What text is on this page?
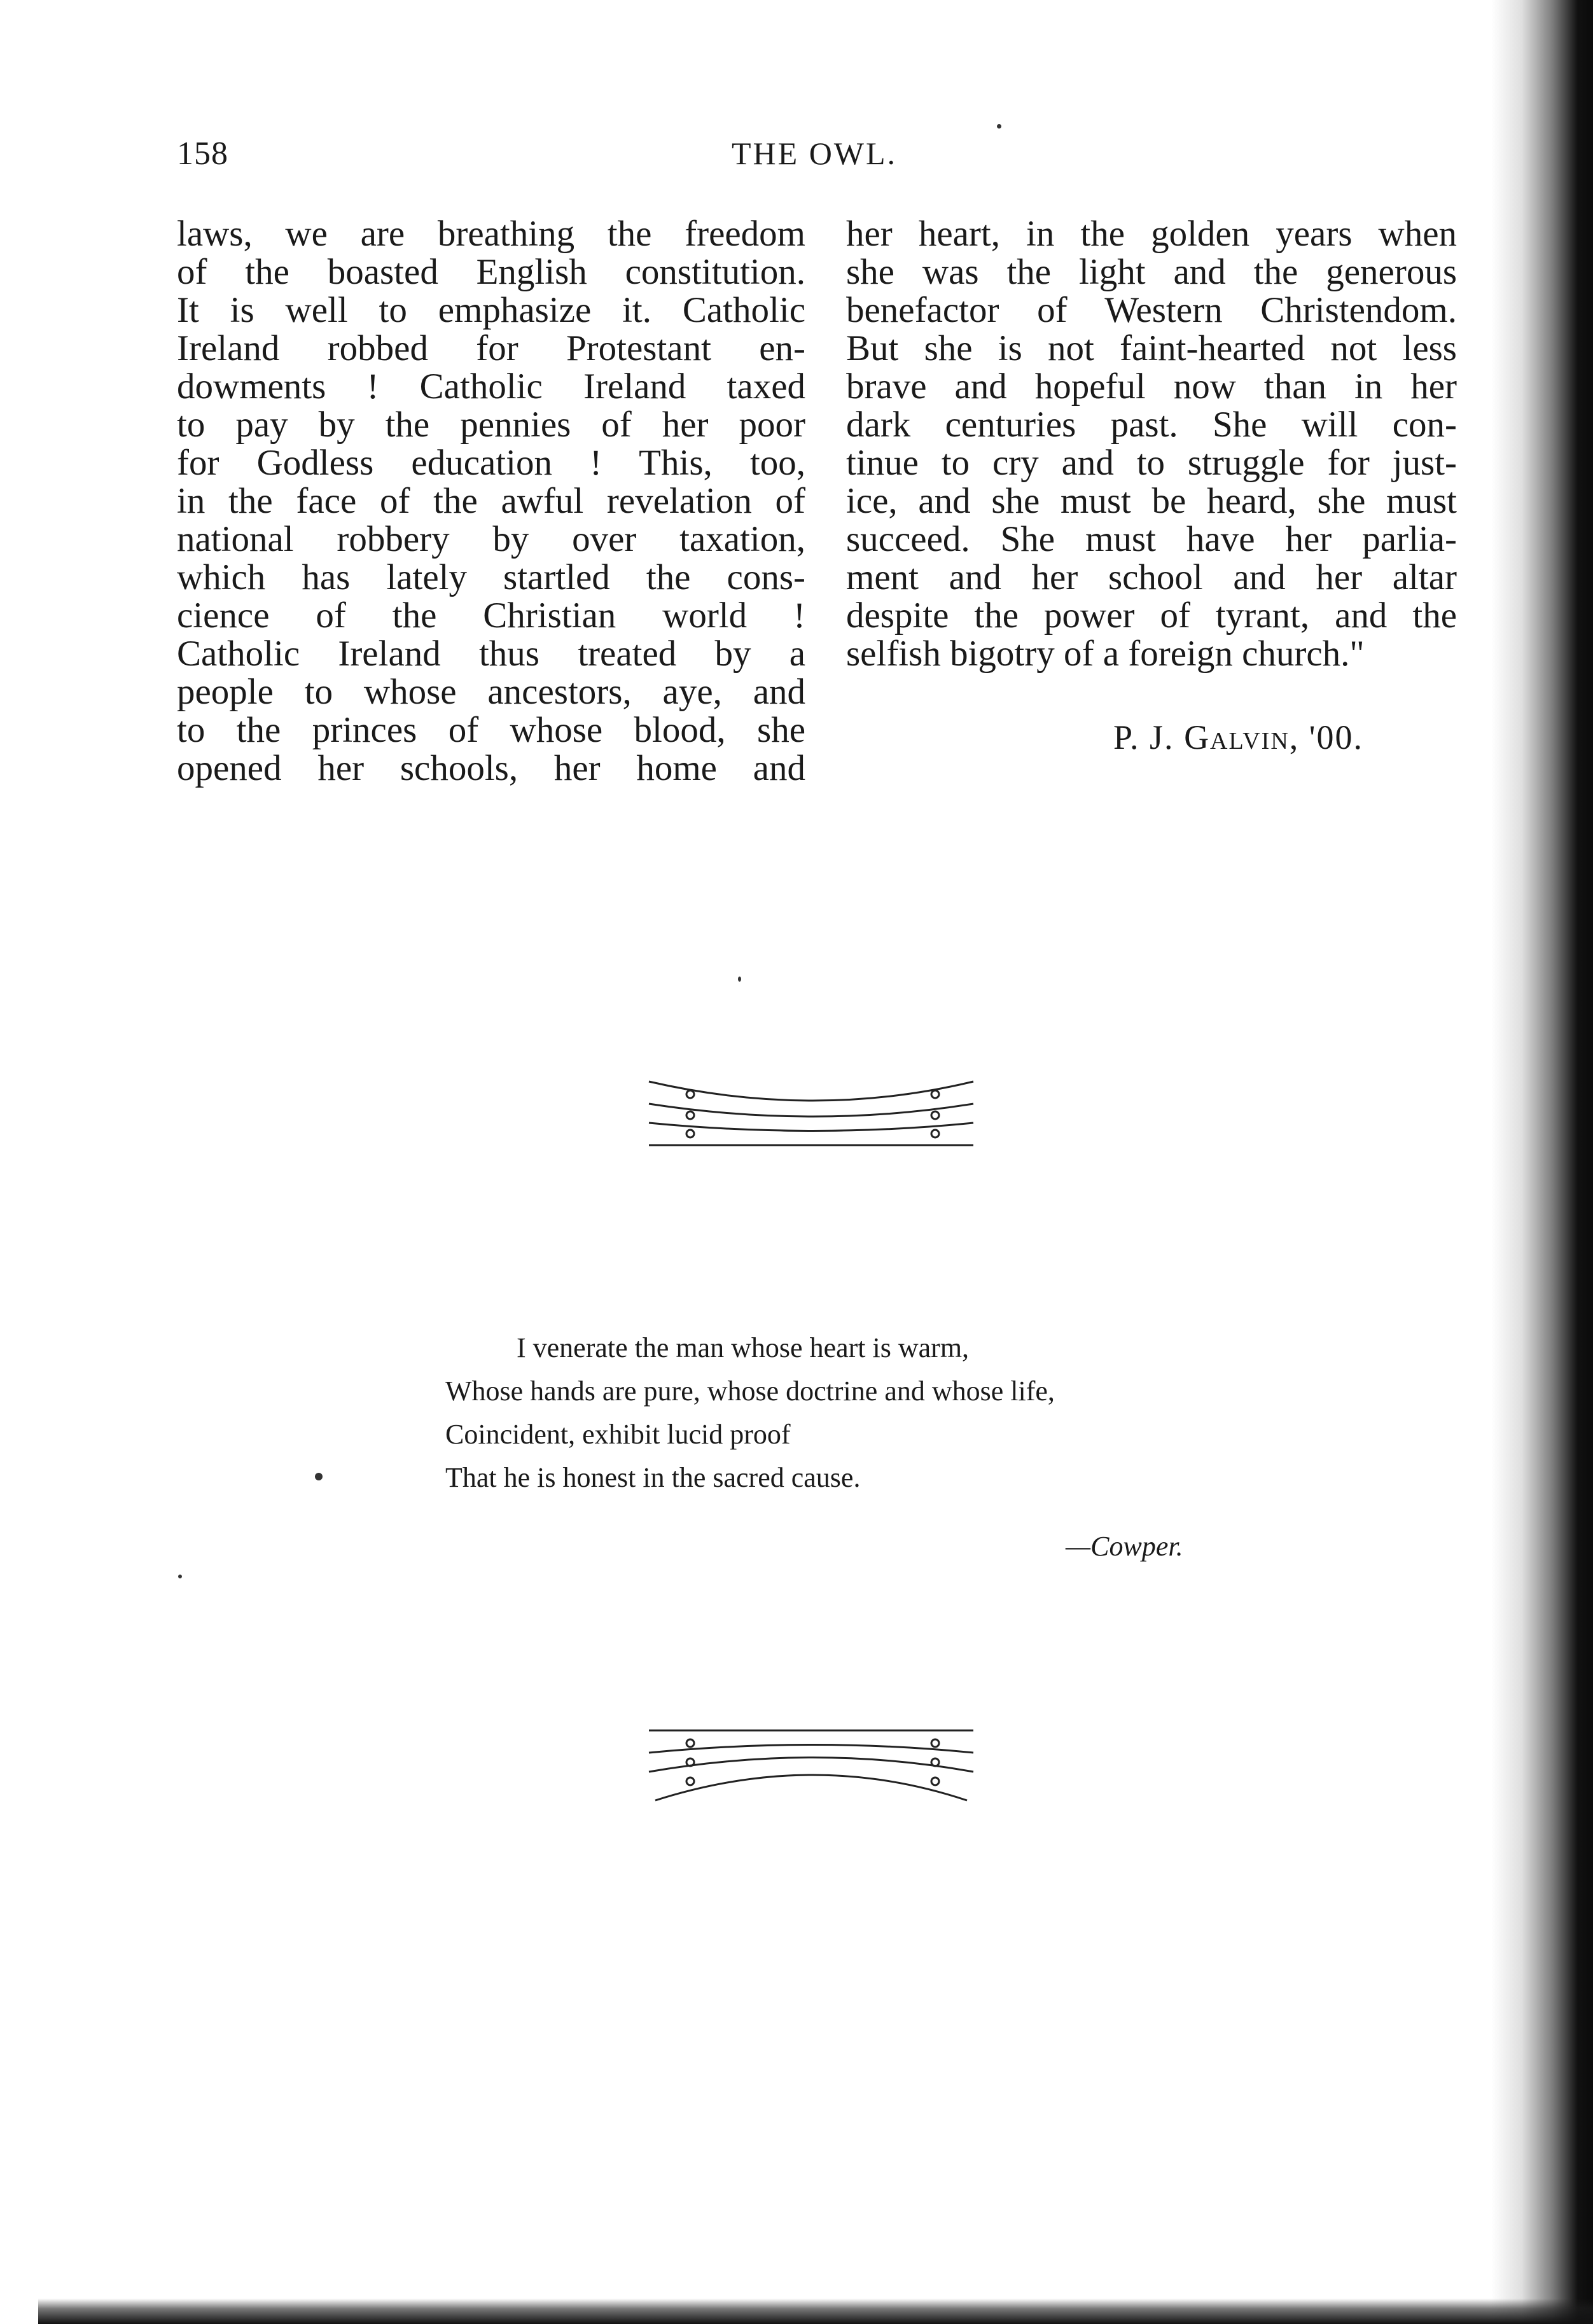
158	THE OWL.
laws, we are breathing the freedom
of the boasted English constitution.
It is well to emphasize it. Catholic
Ireland robbed for Protestant en-
dowments ! Catholic Ireland taxed
to pay by the pennies of her poor
for Godless education ! This, too,
in the face of the awful revelation of
national robbery by over taxation,
which has lately startled the cons-
cience of the Christian world !
Catholic Ireland thus treated by a
people to whose ancestors, aye, and
to the princes of whose blood, she
opened her schools, her home and
her heart, in the golden years when
she was the light and the generous
benefactor of Western Christendom.
But she is not faint-hearted not less
brave and hopeful now than in her
dark centuries past. She will con-
tinue to cry and to struggle for just-
ice, and she must be heard, she must
succeed. She must have her parlia-
ment and her school and her altar
despite the power of tyrant, and the
selfish bigotry of a foreign church."
P. J. Galvin, '00.
I venerate the man whose heart is warm,
Whose hands are pure, whose doctrine and whose life,
Coincident, exhibit lucid proof
That he is honest in the sacred cause.
—Cowper.
